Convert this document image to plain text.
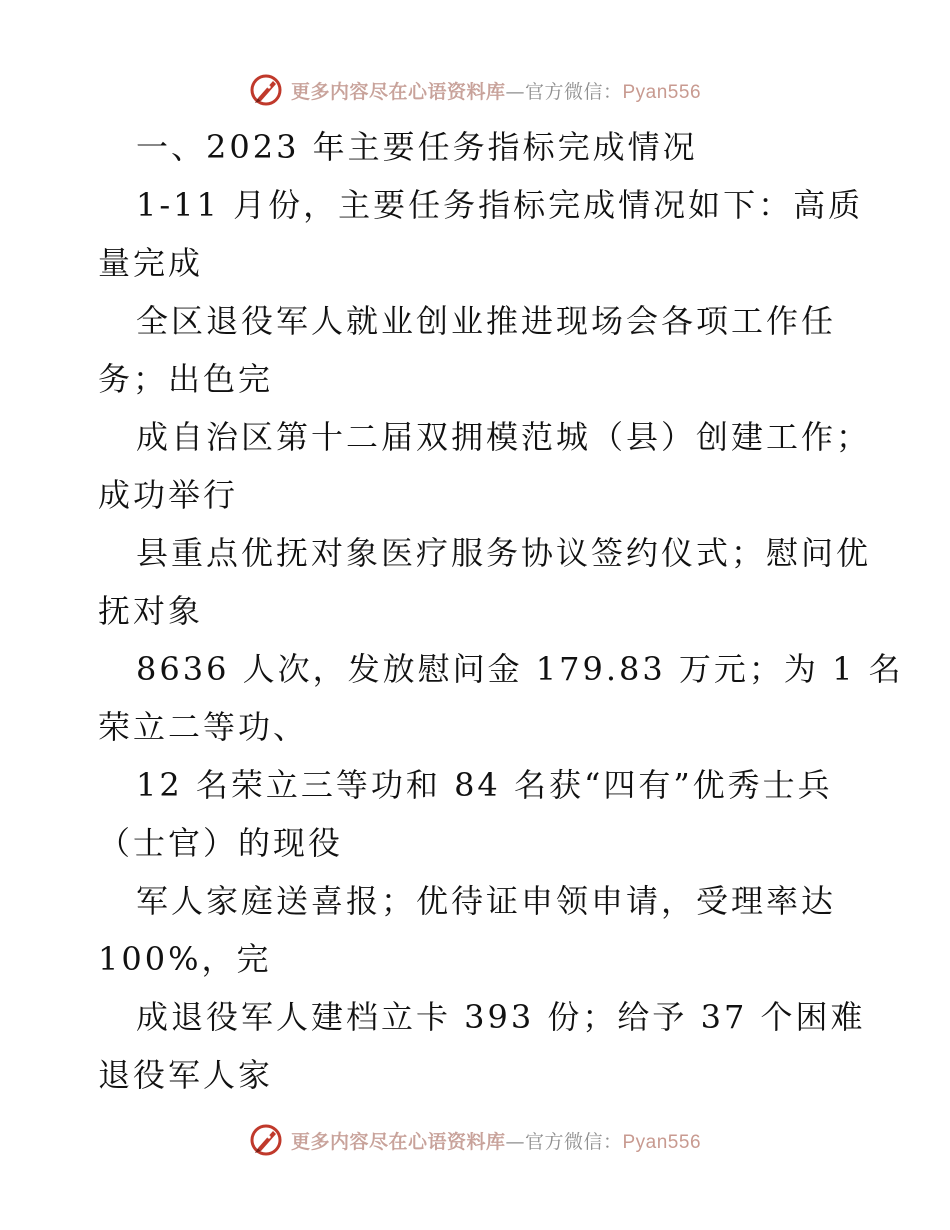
更多内容尽在心语资料库—官方微信：Pyan556
一、2023 年主要任务指标完成情况
1-11 月份，主要任务指标完成情况如下：高质
量完成
全区退役军人就业创业推进现场会各项工作任
务；出色完
成自治区第十二届双拥模范城（县）创建工作；
成功举行
县重点优抚对象医疗服务协议签约仪式；慰问优
抚对象
8636 人次，发放慰问金 179.83 万元；为 1 名
荣立二等功、
12 名荣立三等功和 84 名获“四有”优秀士兵
（士官）的现役
军人家庭送喜报；优待证申领申请，受理率达
100%，完
成退役军人建档立卡 393 份；给予 37 个困难
退役军人家
更多内容尽在心语资料库—官方微信：Pyan556
